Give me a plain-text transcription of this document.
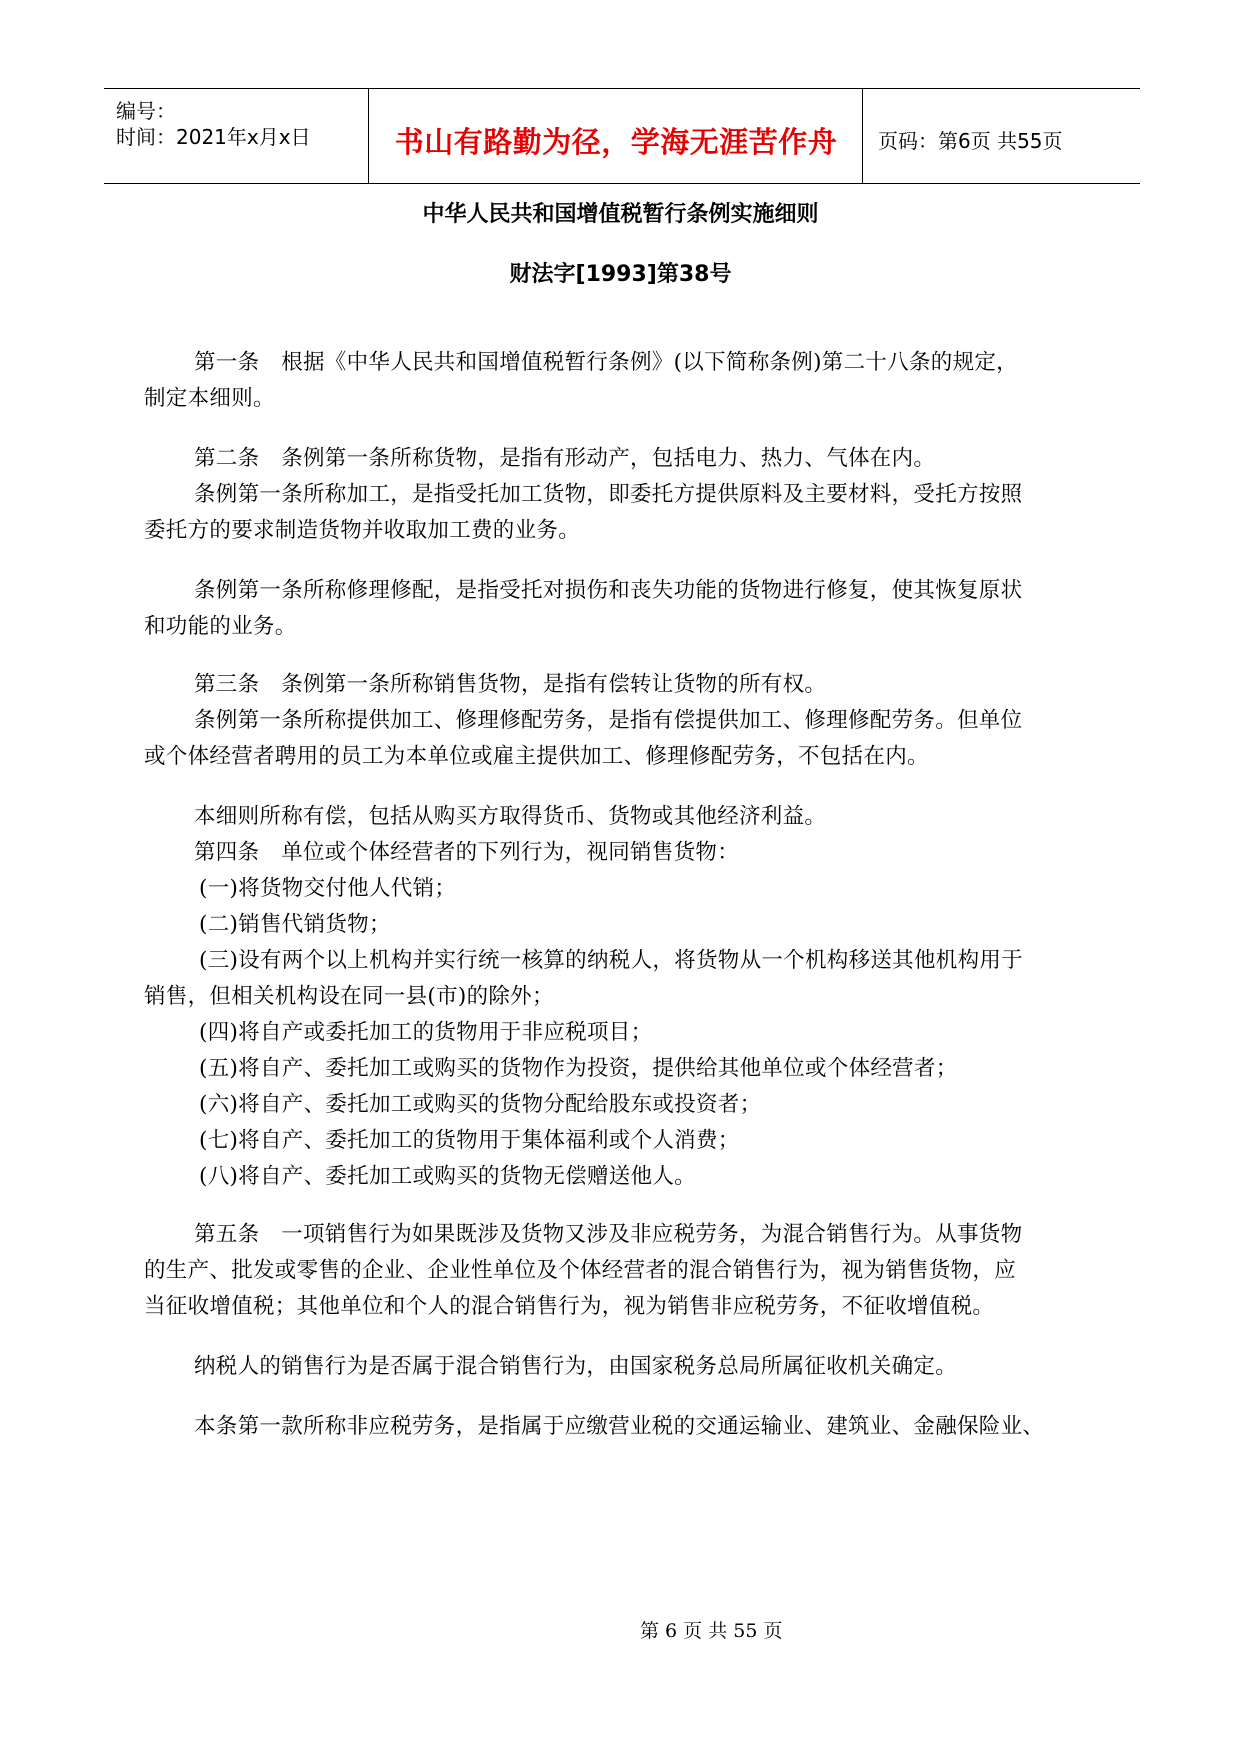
编号：
时间：2021年x月x日	书山有路勤为径，学海无涯苦作舟	页码：第6页 共55页
中华人民共和国增值税暂行条例实施细则
财法字[1993]第38号
第一条　根据《中华人民共和国增值税暂行条例》(以下简称条例)第二十八条的规定，
制定本细则。
第二条　条例第一条所称货物，是指有形动产，包括电力、热力、气体在内。
条例第一条所称加工，是指受托加工货物，即委托方提供原料及主要材料，受托方按照
委托方的要求制造货物并收取加工费的业务。
条例第一条所称修理修配，是指受托对损伤和丧失功能的货物进行修复，使其恢复原状
和功能的业务。
第三条　条例第一条所称销售货物，是指有偿转让货物的所有权。
条例第一条所称提供加工、修理修配劳务，是指有偿提供加工、修理修配劳务。但单位
或个体经营者聘用的员工为本单位或雇主提供加工、修理修配劳务，不包括在内。
本细则所称有偿，包括从购买方取得货币、货物或其他经济利益。
第四条　单位或个体经营者的下列行为，视同销售货物：
(一)将货物交付他人代销；
(二)销售代销货物；
(三)设有两个以上机构并实行统一核算的纳税人，将货物从一个机构移送其他机构用于
销售，但相关机构设在同一县(市)的除外；
(四)将自产或委托加工的货物用于非应税项目；
(五)将自产、委托加工或购买的货物作为投资，提供给其他单位或个体经营者；
(六)将自产、委托加工或购买的货物分配给股东或投资者；
(七)将自产、委托加工的货物用于集体福利或个人消费；
(八)将自产、委托加工或购买的货物无偿赠送他人。
第五条　一项销售行为如果既涉及货物又涉及非应税劳务，为混合销售行为。从事货物
的生产、批发或零售的企业、企业性单位及个体经营者的混合销售行为，视为销售货物，应
当征收增值税；其他单位和个人的混合销售行为，视为销售非应税劳务，不征收增值税。
纳税人的销售行为是否属于混合销售行为，由国家税务总局所属征收机关确定。
本条第一款所称非应税劳务，是指属于应缴营业税的交通运输业、建筑业、金融保险业、
第 6 页 共 55 页
